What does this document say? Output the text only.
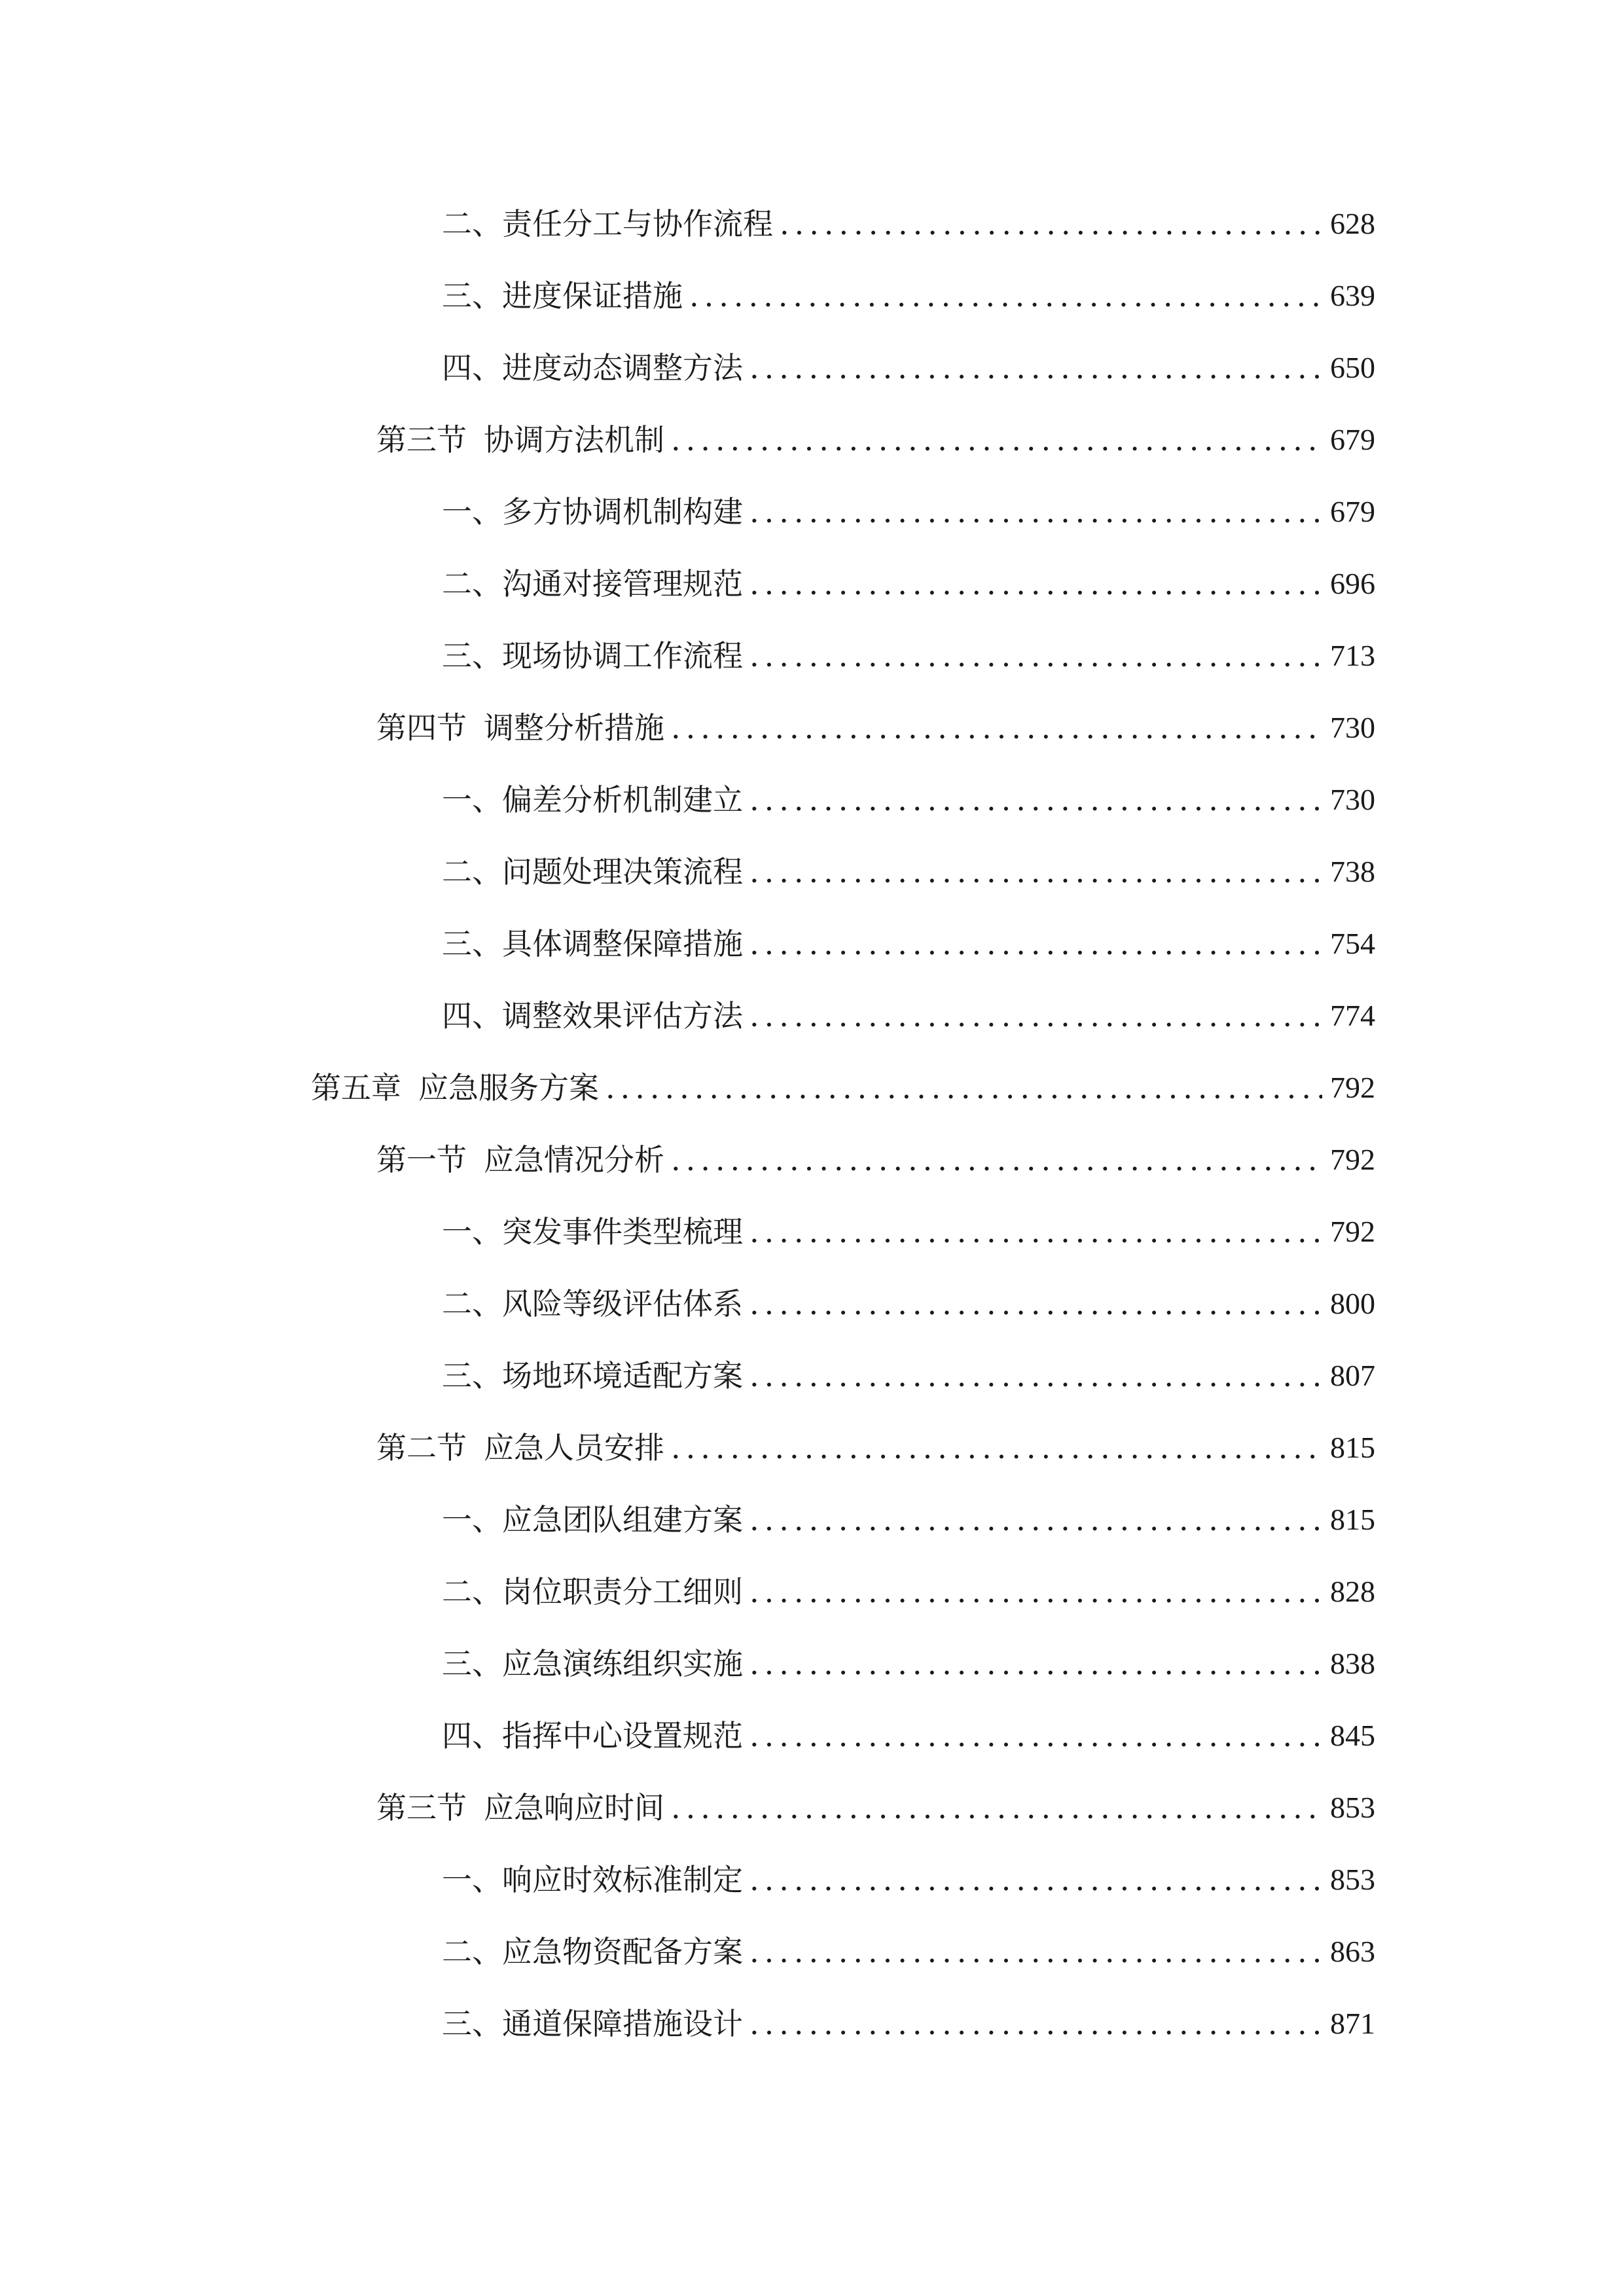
二、 责任分工与协作流程 .....	628
三、 进度保证措施 .....	639
四、 进度动态调整方法 .....	650
第三节 协调方法机制 .....	679
一、 多方协调机制构建 .....	679
二、 沟通对接管理规范 .....	696
三、 现场协调工作流程 .....	713
第四节 调整分析措施 .....	730
一、 偏差分析机制建立 .....	730
二、 问题处理决策流程 .....	738
三、 具体调整保障措施 .....	754
四、 调整效果评估方法 .....	774
第五章 应急服务方案 .....	792
第一节 应急情况分析 .....	792
一、 突发事件类型梳理 .....	792
二、 风险等级评估体系 .....	800
三、 场地环境适配方案 .....	807
第二节 应急人员安排 .....	815
一、 应急团队组建方案 .....	815
二、 岗位职责分工细则 .....	828
三、 应急演练组织实施 .....	838
四、 指挥中心设置规范 .....	845
第三节 应急响应时间 .....	853
一、 响应时效标准制定 .....	853
二、 应急物资配备方案 .....	863
三、 通道保障措施设计 .....	871
